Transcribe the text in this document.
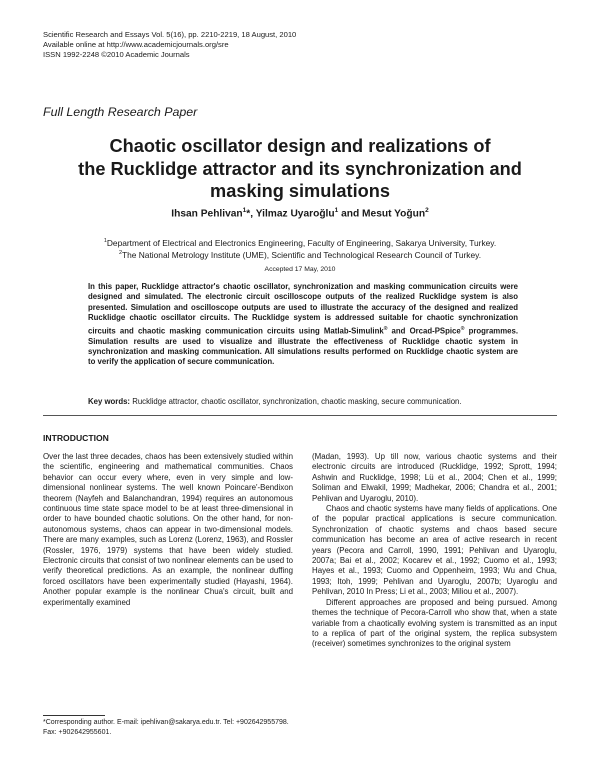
Scientific Research and Essays Vol. 5(16), pp. 2210-2219, 18 August, 2010
Available online at http://www.academicjournals.org/sre
ISSN 1992-2248 ©2010 Academic Journals
Full Length Research Paper
Chaotic oscillator design and realizations of
the Rucklidge attractor and its synchronization and
masking simulations
Ihsan Pehlivan$^1$*, Yilmaz Uyaroğlu$^1$ and Mesut Yoğun$^2$
$^1$Department of Electrical and Electronics Engineering, Faculty of Engineering, Sakarya University, Turkey.
$^2$The National Metrology Institute (UME), Scientific and Technological Research Council of Turkey.
Accepted 17 May, 2010

In this paper, Rucklidge attractor's chaotic oscillator, synchronization and masking communication circuits were designed and simulated. The electronic circuit oscilloscope outputs of the realized Rucklidge system is also presented. Simulation and oscilloscope outputs are used to illustrate the accuracy of the designed and realized Rucklidge chaotic oscillator circuits. The Rucklidge system is addressed suitable for chaotic synchronization circuits and chaotic masking communication circuits using Matlab-Simulink® and Orcad-PSpice® programmes. Simulation results are used to visualize and illustrate the effectiveness of Rucklidge chaotic system in synchronization and masking communication. All simulations results performed on Rucklidge chaotic system are to verify the application of secure communication.

Key words: Rucklidge attractor, chaotic oscillator, synchronization, chaotic masking, secure communication.
INTRODUCTION

Over the last three decades, chaos has been extensively studied within the scientific, engineering and mathematical communities. Chaos behavior can occur every where, even in very simple and low-dimensional nonlinear systems. The well known Poincare'-Bendixon theorem (Nayfeh and Balanchandran, 1994) requires an autonomous continuous time state space model to be at least three-dimensional in order to have bounded chaotic solutions. On the other hand, for non-autonomous systems, chaos can appear in two-dimensional models. There are many examples, such as Lorenz (Lorenz, 1963), and Rossler (Rossler, 1976, 1979) systems that have been widely studied. Electronic circuits that consist of two nonlinear elements can be used to verify theoretical predictions. As an example, the nonlinear duffing forced oscillators have been experimentally studied (Hayashi, 1964). Another popular example is the nonlinear Chua's circuit, built and experimentally examined

(Madan, 1993). Up till now, various chaotic systems and their electronic circuits are introduced (Rucklidge, 1992; Sprott, 1994; Ashwin and Rucklidge, 1998; Lü et al., 2004; Chen et al., 1999; Soliman and Elwakil, 1999; Madhekar, 2006; Chandra et al., 2001; Pehlivan and Uyaroglu, 2010).

Chaos and chaotic systems have many fields of applications. One of the popular practical applications is secure communication. Synchronization of chaotic systems and chaos based secure communication has become an area of active research in recent years (Pecora and Carroll, 1990, 1991; Pehlivan and Uyaroglu, 2007a; Bai et al., 2002; Kocarev et al., 1992; Cuomo et al., 1993; Hayes et al., 1993; Cuomo and Oppenheim, 1993; Wu and Chua, 1993; Itoh, 1999; Pehlivan and Uyaroglu, 2007b; Uyaroglu and Pehlivan, 2010 In Press; Li et al., 2003; Miliou et al., 2007).

Different approaches are proposed and being pursued. Among themes the technique of Pecora-Carroll who show that, when a state variable from a chaotically evolving system is transmitted as an input to a replica of part of the original system, the replica subsystem (receiver) sometimes synchronizes to the original system

*Corresponding author. E-mail: ipehlivan@sakarya.edu.tr. Tel: +902642955798. Fax: +902642955601.
